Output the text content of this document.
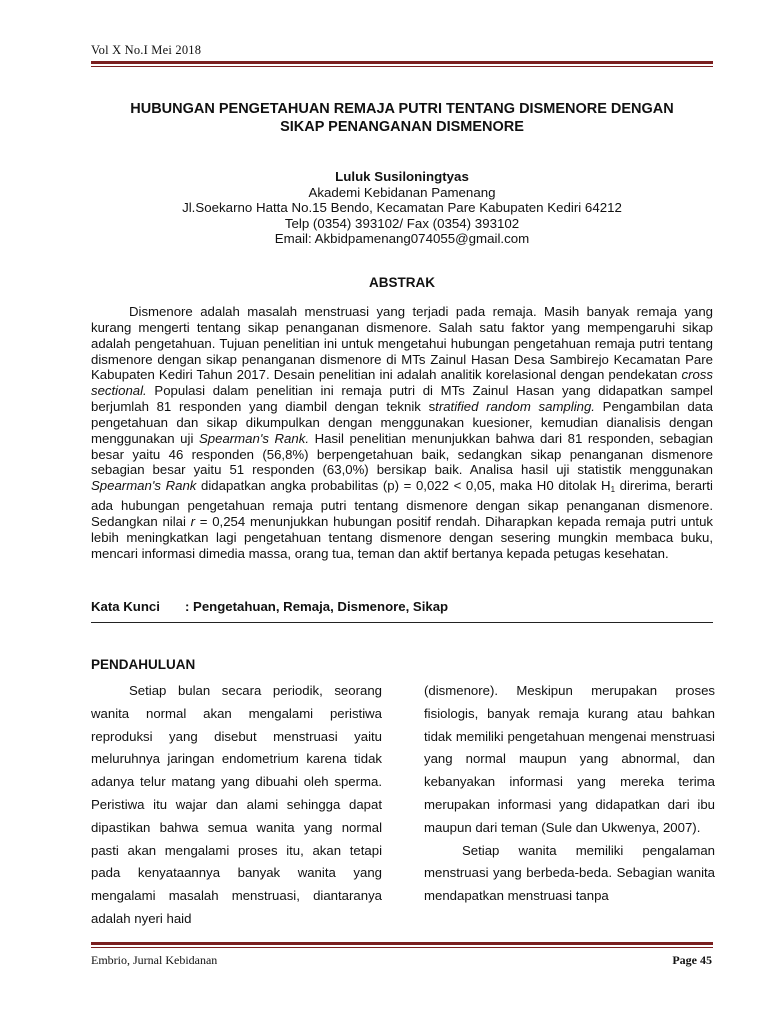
Vol X No.I Mei 2018
HUBUNGAN PENGETAHUAN REMAJA PUTRI TENTANG DISMENORE DENGAN
SIKAP PENANGANAN DISMENORE
Luluk Susiloningtyas
Akademi Kebidanan Pamenang
Jl.Soekarno Hatta No.15 Bendo, Kecamatan Pare Kabupaten Kediri 64212
Telp (0354) 393102/ Fax (0354) 393102
Email: Akbidpamenang074055@gmail.com
ABSTRAK

Dismenore adalah masalah menstruasi yang terjadi pada remaja. Masih banyak remaja yang kurang mengerti tentang sikap penanganan dismenore. Salah satu faktor yang mempengaruhi sikap adalah pengetahuan. Tujuan penelitian ini untuk mengetahui hubungan pengetahuan remaja putri tentang dismenore dengan sikap penanganan dismenore di MTs Zainul Hasan Desa Sambirejo Kecamatan Pare Kabupaten Kediri Tahun 2017. Desain penelitian ini adalah analitik korelasional dengan pendekatan cross sectional. Populasi dalam penelitian ini remaja putri di MTs Zainul Hasan yang didapatkan sampel berjumlah 81 responden yang diambil dengan teknik stratified random sampling. Pengambilan data pengetahuan dan sikap dikumpulkan dengan menggunakan kuesioner, kemudian dianalisis dengan menggunakan uji Spearman's Rank. Hasil penelitian menunjukkan bahwa dari 81 responden, sebagian besar yaitu 46 responden (56,8%) berpengetahuan baik, sedangkan sikap penanganan dismenore sebagian besar yaitu 51 responden (63,0%) bersikap baik. Analisa hasil uji statistik menggunakan Spearman's Rank didapatkan angka probabilitas (p) = 0,022 < 0,05, maka H0 ditolak $H_1$ direrima, berarti ada hubungan pengetahuan remaja putri tentang dismenore dengan sikap penanganan dismenore. Sedangkan nilai r = 0,254 menunjukkan hubungan positif rendah. Diharapkan kepada remaja putri untuk lebih meningkatkan lagi pengetahuan tentang dismenore dengan sesering mungkin membaca buku, mencari informasi dimedia massa, orang tua, teman dan aktif bertanya kepada petugas kesehatan.

Kata Kunci : Pengetahuan, Remaja, Dismenore, Sikap
PENDAHULUAN

Setiap bulan secara periodik, seorang wanita normal akan mengalami peristiwa reproduksi yang disebut menstruasi yaitu meluruhnya jaringan endometrium karena tidak adanya telur matang yang dibuahi oleh sperma. Peristiwa itu wajar dan alami sehingga dapat dipastikan bahwa semua wanita yang normal pasti akan mengalami proses itu, akan tetapi pada kenyataannya banyak wanita yang mengalami masalah menstruasi, diantaranya adalah nyeri haid

(dismenore). Meskipun merupakan proses fisiologis, banyak remaja kurang atau bahkan tidak memiliki pengetahuan mengenai menstruasi yang normal maupun yang abnormal, dan kebanyakan informasi yang mereka terima merupakan informasi yang didapatkan dari ibu maupun dari teman (Sule dan Ukwenya, 2007).

Setiap wanita memiliki pengalaman menstruasi yang berbeda-beda. Sebagian wanita mendapatkan menstruasi tanpa

Embrio, Jurnal Kebidanan	Page 45
